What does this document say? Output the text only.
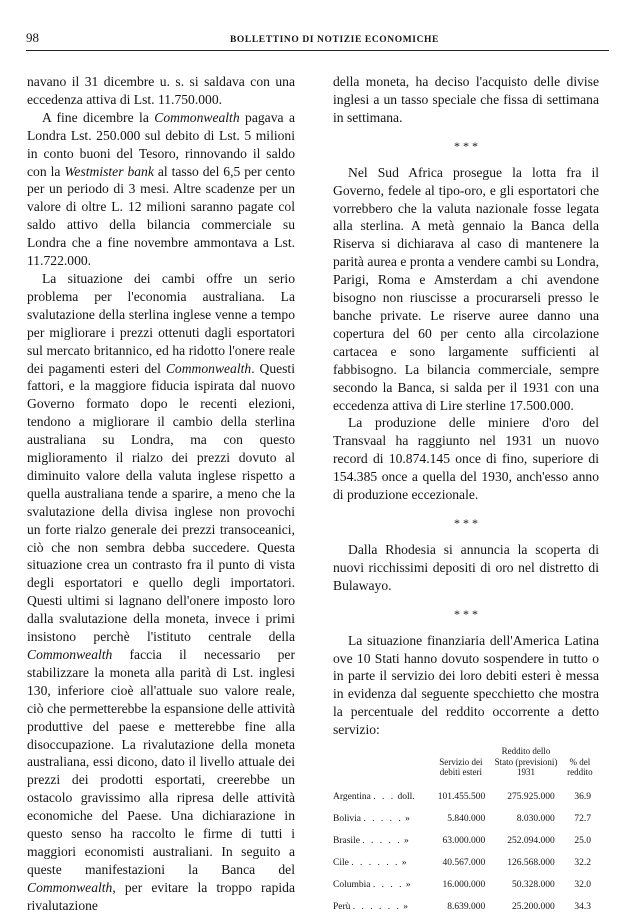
98	BOLLETTINO DI NOTIZIE ECONOMICHE

navano il 31 dicembre u. s. si saldava con una eccedenza attiva di Lst. 11.750.000.

A fine dicembre la Commonwealth pagava a Londra Lst. 250.000 sul debito di Lst. 5 milioni in conto buoni del Tesoro, rinnovando il saldo con la Westmister bank al tasso del 6,5 per cento per un periodo di 3 mesi. Altre scadenze per un valore di oltre L. 12 milioni saranno pagate col saldo attivo della bilancia commerciale su Londra che a fine novembre ammontava a Lst. 11.722.000.

La situazione dei cambi offre un serio problema per l'economia australiana. La svalutazione della sterlina inglese venne a tempo per migliorare i prezzi ottenuti dagli esportatori sul mercato britannico, ed ha ridotto l'onere reale dei pagamenti esteri del Commonwealth. Questi fattori, e la maggiore fiducia ispirata dal nuovo Governo formato dopo le recenti elezioni, tendono a migliorare il cambio della sterlina australiana su Londra, ma con questo miglioramento il rialzo dei prezzi dovuto al diminuito valore della valuta inglese rispetto a quella australiana tende a sparire, a meno che la svalutazione della divisa inglese non provochi un forte rialzo generale dei prezzi transoceanici, ciò che non sembra debba succedere. Questa situazione crea un contrasto fra il punto di vista degli esportatori e quello degli importatori. Questi ultimi si lagnano dell'onere imposto loro dalla svalutazione della moneta, invece i primi insistono perchè l'istituto centrale della Commonwealth faccia il necessario per stabilizzare la moneta alla parità di Lst. inglesi 130, inferiore cioè all'attuale suo valore reale, ciò che permetterebbe la espansione delle attività produttive del paese e metterebbe fine alla disoccupazione. La rivalutazione della moneta australiana, essi dicono, dato il livello attuale dei prezzi dei prodotti esportati, creerebbe un ostacolo gravissimo alla ripresa delle attività economiche del Paese. Una dichiarazione in questo senso ha raccolto le firme di tutti i maggiori economisti australiani. In seguito a queste manifestazioni la Banca del Commonwealth, per evitare la troppo rapida rivalutazione

della moneta, ha deciso l'acquisto delle divise inglesi a un tasso speciale che fissa di settimana in settimana.

* * *

Nel Sud Africa prosegue la lotta fra il Governo, fedele al tipo-oro, e gli esportatori che vorrebbero che la valuta nazionale fosse legata alla sterlina. A metà gennaio la Banca della Riserva si dichiarava al caso di mantenere la parità aurea e pronta a vendere cambi su Londra, Parigi, Roma e Amsterdam a chi avendone bisogno non riuscisse a procurarseli presso le banche private. Le riserve auree danno una copertura del 60 per cento alla circolazione cartacea e sono largamente sufficienti al fabbisogno. La bilancia commerciale, sempre secondo la Banca, si salda per il 1931 con una eccedenza attiva di Lire sterline 17.500.000.

La produzione delle miniere d'oro del Transvaal ha raggiunto nel 1931 un nuovo record di 10.874.145 once di fino, superiore di 154.385 once a quella del 1930, anch'esso anno di produzione eccezionale.

* * *

Dalla Rhodesia si annuncia la scoperta di nuovi ricchissimi depositi di oro nel distretto di Bulawayo.

* * *

La situazione finanziaria dell'America Latina ove 10 Stati hanno dovuto sospendere in tutto o in parte il servizio dei loro debiti esteri è messa in evidenza dal seguente specchietto che mostra la percentuale del reddito occorrente a detto servizio:

	Servizio dei debiti esteri	Reddito dello Stato (previsioni) 1931	% del reddito
Argentina . . . doll.	101.455.500	275.925.000	36.9
Bolivia . . . . . »	5.840.000	8.030.000	72.7
Brasile . . . . . »	63.000.000	252.094.000	25.0
Cile . . . . . . »	40.567.000	126.568.000	32.2
Columbia . . . . »	16.000.000	50.328.000	32.0
Perù . . . . . . »	8.639.000	25.200.000	34.3
